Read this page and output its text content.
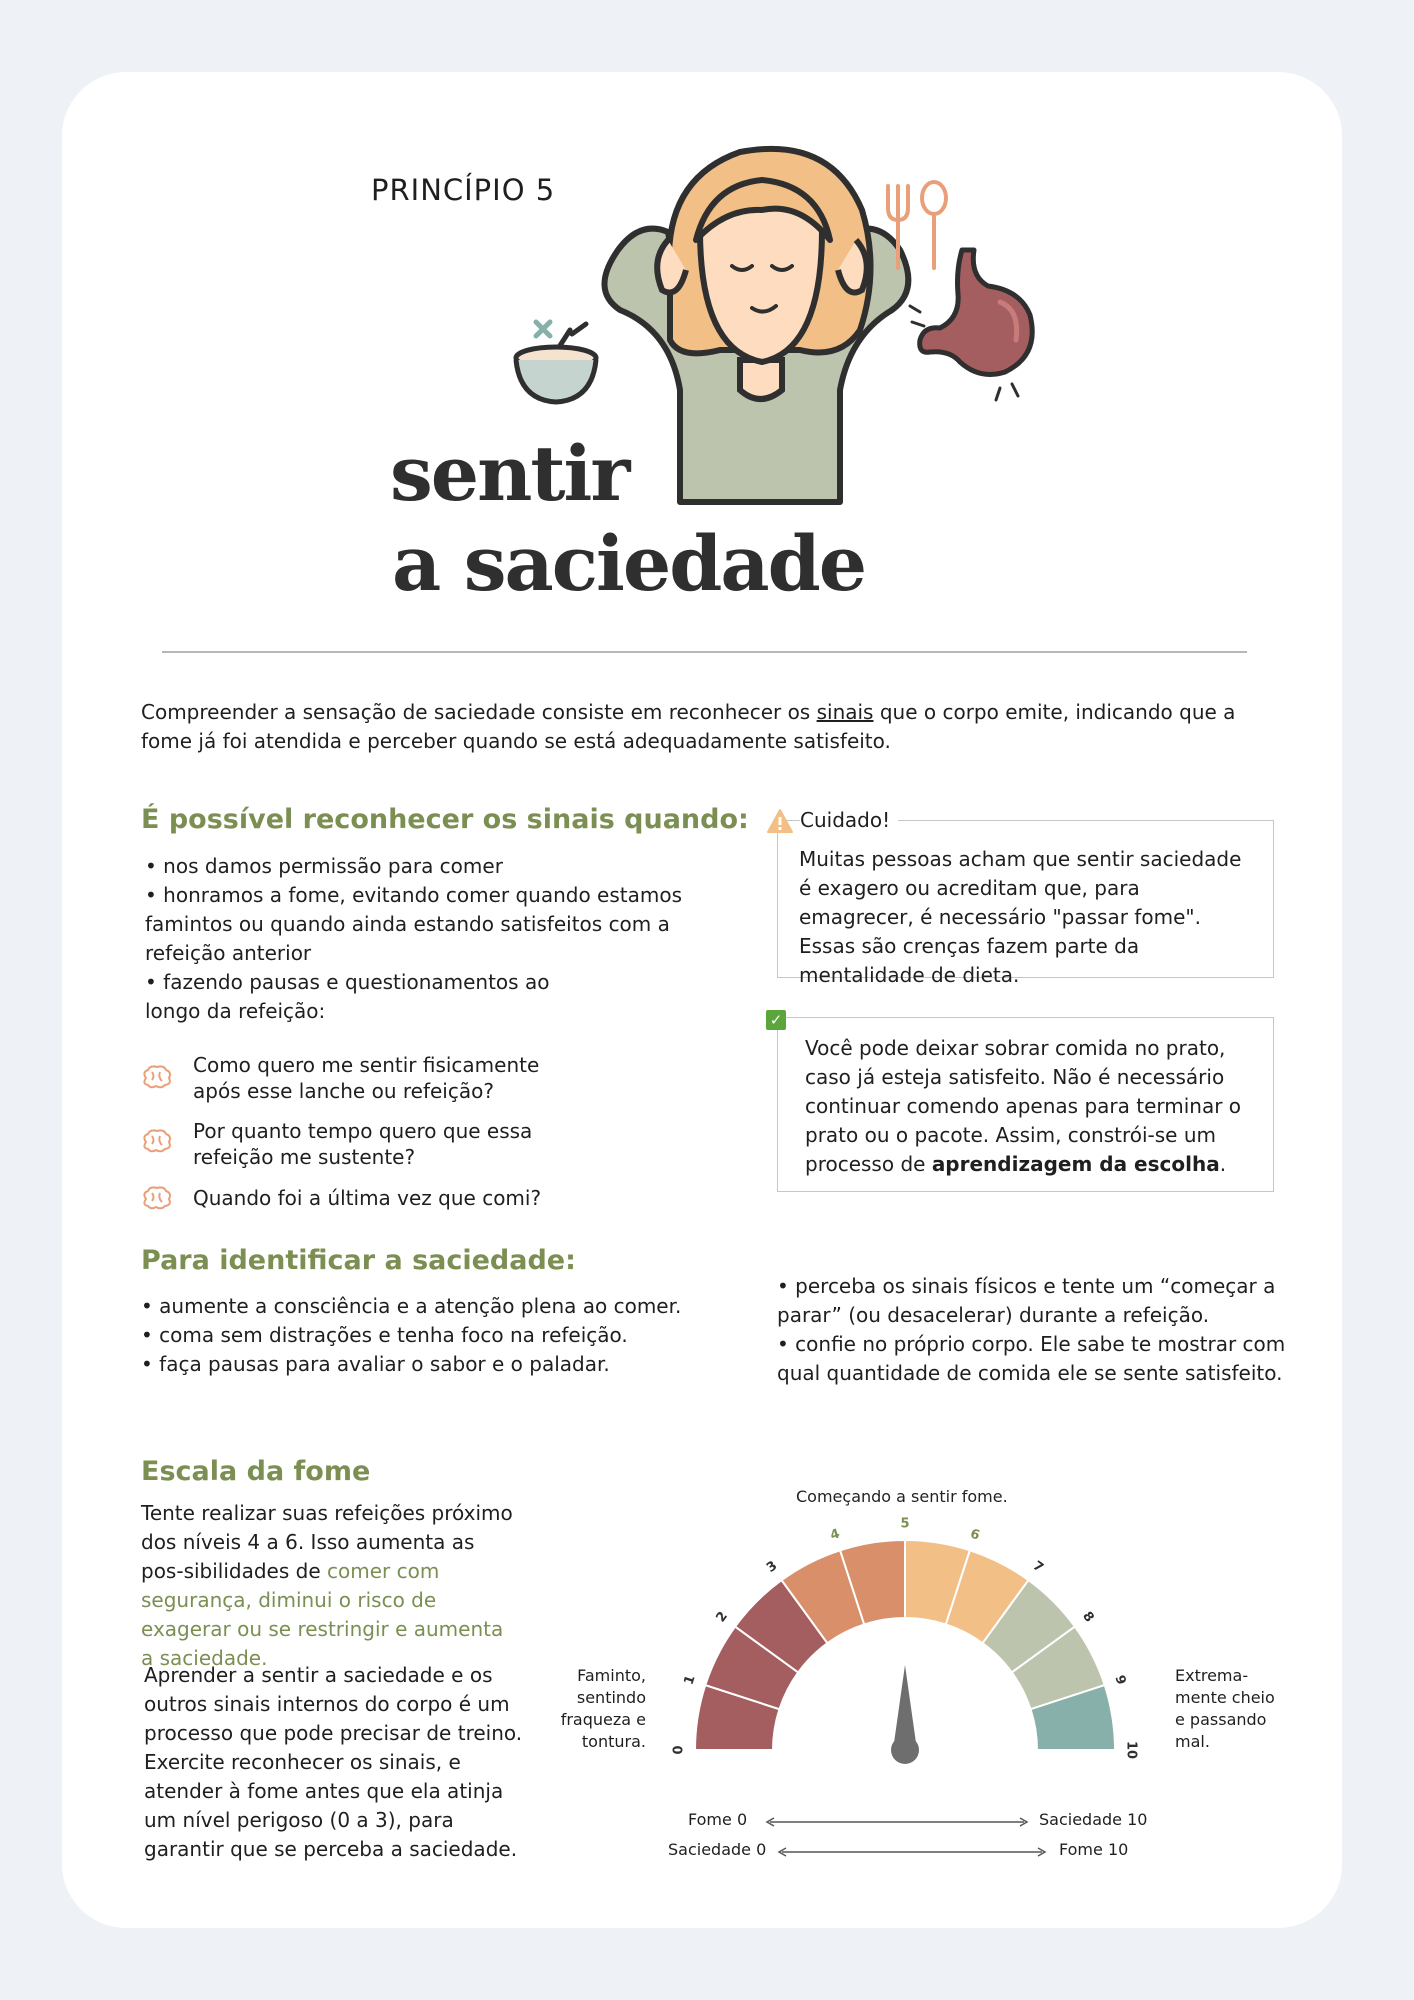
PRINCÍPIO 5
sentir
a saciedade
Compreender a sensação de saciedade consiste em reconhecer os sinais que o corpo emite, indicando que a fome já foi atendida e perceber quando se está adequadamente satisfeito.
É possível reconhecer os sinais quando:
• nos damos permissão para comer
• honramos a fome, evitando comer quando estamos famintos ou quando ainda estando satisfeitos com a refeição anterior
• fazendo pausas e questionamentos ao longo da refeição:
Como quero me sentir fisicamente após esse lanche ou refeição?
Por quanto tempo quero que essa refeição me sustente?
Quando foi a última vez que comi?
Muitas pessoas acham que sentir saciedade é exagero ou acreditam que, para emagrecer, é necessário "passar fome". Essas são crenças fazem parte da mentalidade de dieta.
Cuidado!
Você pode deixar sobrar comida no prato, caso já esteja satisfeito. Não é necessário continuar comendo apenas para terminar o prato ou o pacote. Assim, constrói-se um processo de aprendizagem da escolha.
✓
Para identificar a saciedade:
• aumente a consciência e a atenção plena ao comer.
• coma sem distrações e tenha foco na refeição.
• faça pausas para avaliar o sabor e o paladar.
• perceba os sinais físicos e tente um “começar a parar” (ou desacelerar) durante a refeição.
• confie no próprio corpo. Ele sabe te mostrar com qual quantidade de comida ele se sente satisfeito.
Escala da fome
Tente realizar suas refeições próximo dos níveis 4 a 6. Isso aumenta as pos-sibilidades de comer com segurança, diminui o risco de exagerar ou se restringir e aumenta a saciedade.
Aprender a sentir a saciedade e os outros sinais internos do corpo é um processo que pode precisar de treino. Exercite reconhecer os sinais, e atender à fome antes que ela atinja um nível perigoso (0 a 3), para garantir que se perceba a saciedade.
Começando a sentir fome.
Faminto, sentindo fraqueza e tontura.
Extrema-mente cheio e passando mal.
0
1
2
3
4
5
6
7
8
9
10
Fome 0	Saciedade 10
Saciedade 0	Fome 10
